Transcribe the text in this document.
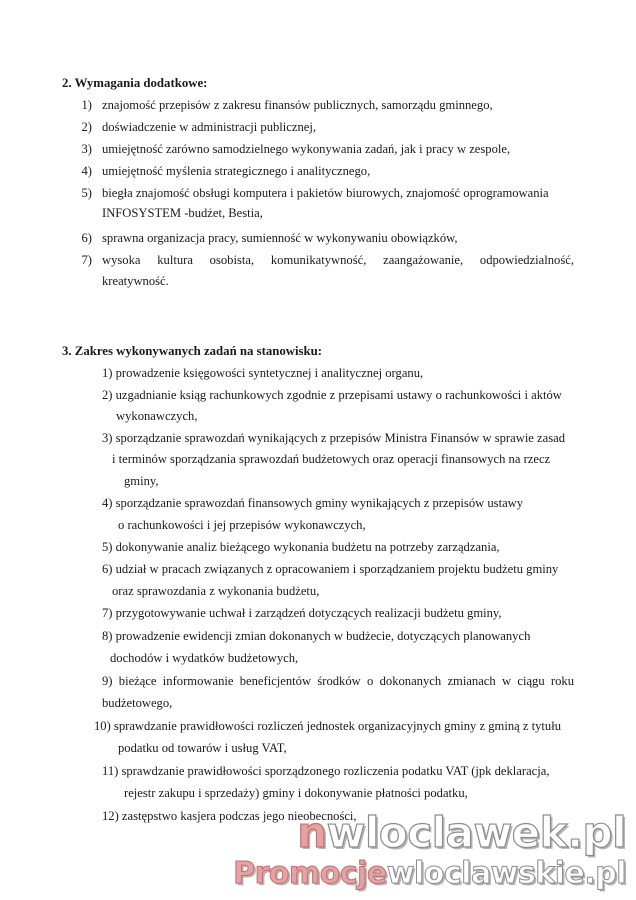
2. Wymagania dodatkowe:
1) znajomość przepisów z zakresu finansów publicznych, samorządu gminnego,
2) doświadczenie w administracji publicznej,
3) umiejętność zarówno samodzielnego wykonywania zadań, jak i pracy w zespole,
4) umiejętność myślenia strategicznego i analitycznego,
5) biegła znajomość obsługi komputera i pakietów biurowych, znajomość oprogramowania
INFOSYSTEM -budżet, Bestia,
6) sprawna organizacja pracy, sumienność w wykonywaniu obowiązków,
7) wysoka kultura osobista, komunikatywność, zaangażowanie, odpowiedzialność,
kreatywność.
3. Zakres wykonywanych zadań na stanowisku:
1) prowadzenie księgowości syntetycznej i analitycznej organu,
2) uzgadnianie ksiąg rachunkowych zgodnie z przepisami ustawy o rachunkowości i aktów
wykonawczych,
3) sporządzanie sprawozdań wynikających z przepisów Ministra Finansów w sprawie zasad
i terminów sporządzania sprawozdań budżetowych oraz operacji finansowych na rzecz
gminy,
4) sporządzanie sprawozdań finansowych gminy wynikających z przepisów ustawy
o rachunkowości i jej przepisów wykonawczych,
5) dokonywanie analiz bieżącego wykonania budżetu na potrzeby zarządzania,
6) udział w pracach związanych z opracowaniem i sporządzaniem projektu budżetu gminy
oraz sprawozdania z wykonania budżetu,
7) przygotowywanie uchwał i zarządzeń dotyczących realizacji budżetu gminy,
8) prowadzenie ewidencji zmian dokonanych w budżecie, dotyczących planowanych
dochodów i wydatków budżetowych,
9) bieżące informowanie beneficjentów środków o dokonanych zmianach w ciągu roku
budżetowego,
10) sprawdzanie prawidłowości rozliczeń jednostek organizacyjnych gminy z gminą z tytułu
podatku od towarów i usług VAT,
11) sprawdzanie prawidłowości sporządzonego rozliczenia podatku VAT (jpk deklaracja,
rejestr zakupu i sprzedaży) gminy i dokonywanie płatności podatku,
12) zastępstwo kasjera podczas jego nieobecności,
nwloclawek.pl
Promocjewloclawskie.pl
